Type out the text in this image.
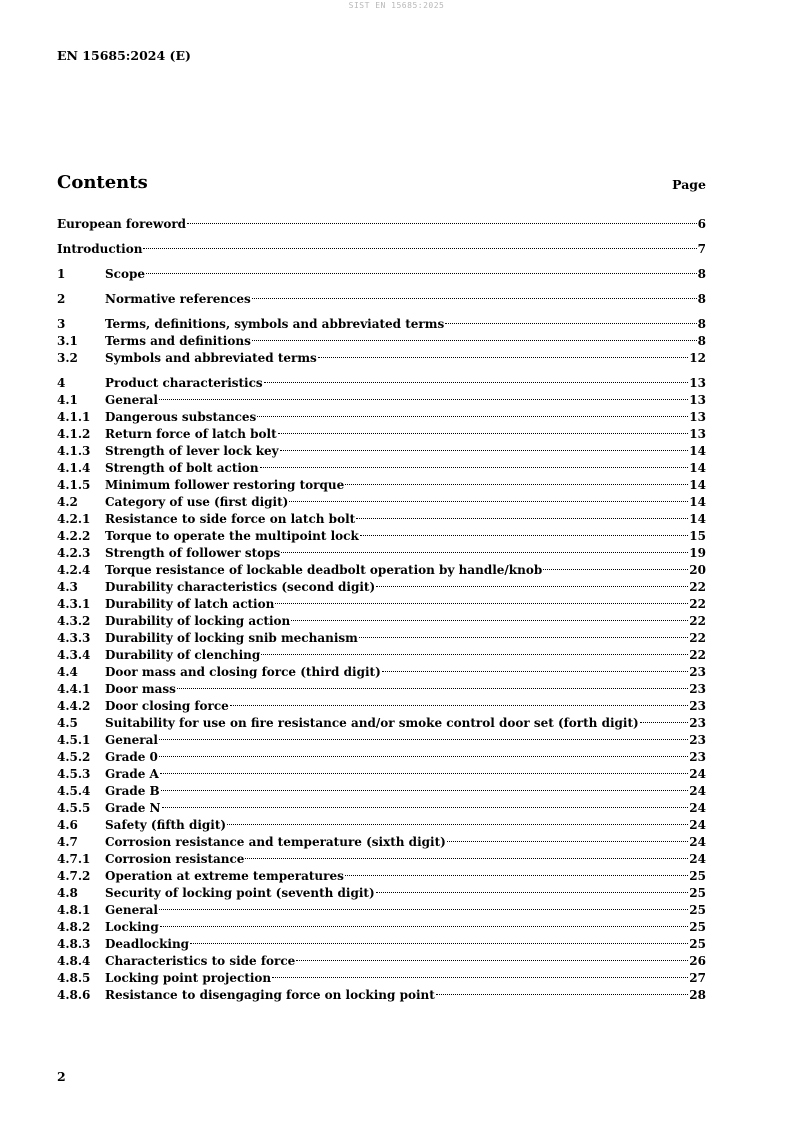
SIST EN 15685:2025
EN 15685:2024 (E)
Contents	Page
European foreword	6
Introduction	7
1	Scope	8
2	Normative references	8
3	Terms, definitions, symbols and abbreviated terms	8
3.1	Terms and definitions	8
3.2	Symbols and abbreviated terms	12
4	Product characteristics	13
4.1	General	13
4.1.1	Dangerous substances	13
4.1.2	Return force of latch bolt	13
4.1.3	Strength of lever lock key	14
4.1.4	Strength of bolt action	14
4.1.5	Minimum follower restoring torque	14
4.2	Category of use (first digit)	14
4.2.1	Resistance to side force on latch bolt	14
4.2.2	Torque to operate the multipoint lock	15
4.2.3	Strength of follower stops	19
4.2.4	Torque resistance of lockable deadbolt operation by handle/knob	20
4.3	Durability characteristics (second digit)	22
4.3.1	Durability of latch action	22
4.3.2	Durability of locking action	22
4.3.3	Durability of locking snib mechanism	22
4.3.4	Durability of clenching	22
4.4	Door mass and closing force (third digit)	23
4.4.1	Door mass	23
4.4.2	Door closing force	23
4.5	Suitability for use on fire resistance and/or smoke control door set (forth digit)	23
4.5.1	General	23
4.5.2	Grade 0	23
4.5.3	Grade A	24
4.5.4	Grade B	24
4.5.5	Grade N	24
4.6	Safety (fifth digit)	24
4.7	Corrosion resistance and temperature (sixth digit)	24
4.7.1	Corrosion resistance	24
4.7.2	Operation at extreme temperatures	25
4.8	Security of locking point (seventh digit)	25
4.8.1	General	25
4.8.2	Locking	25
4.8.3	Deadlocking	25
4.8.4	Characteristics to side force	26
4.8.5	Locking point projection	27
4.8.6	Resistance to disengaging force on locking point	28
2
